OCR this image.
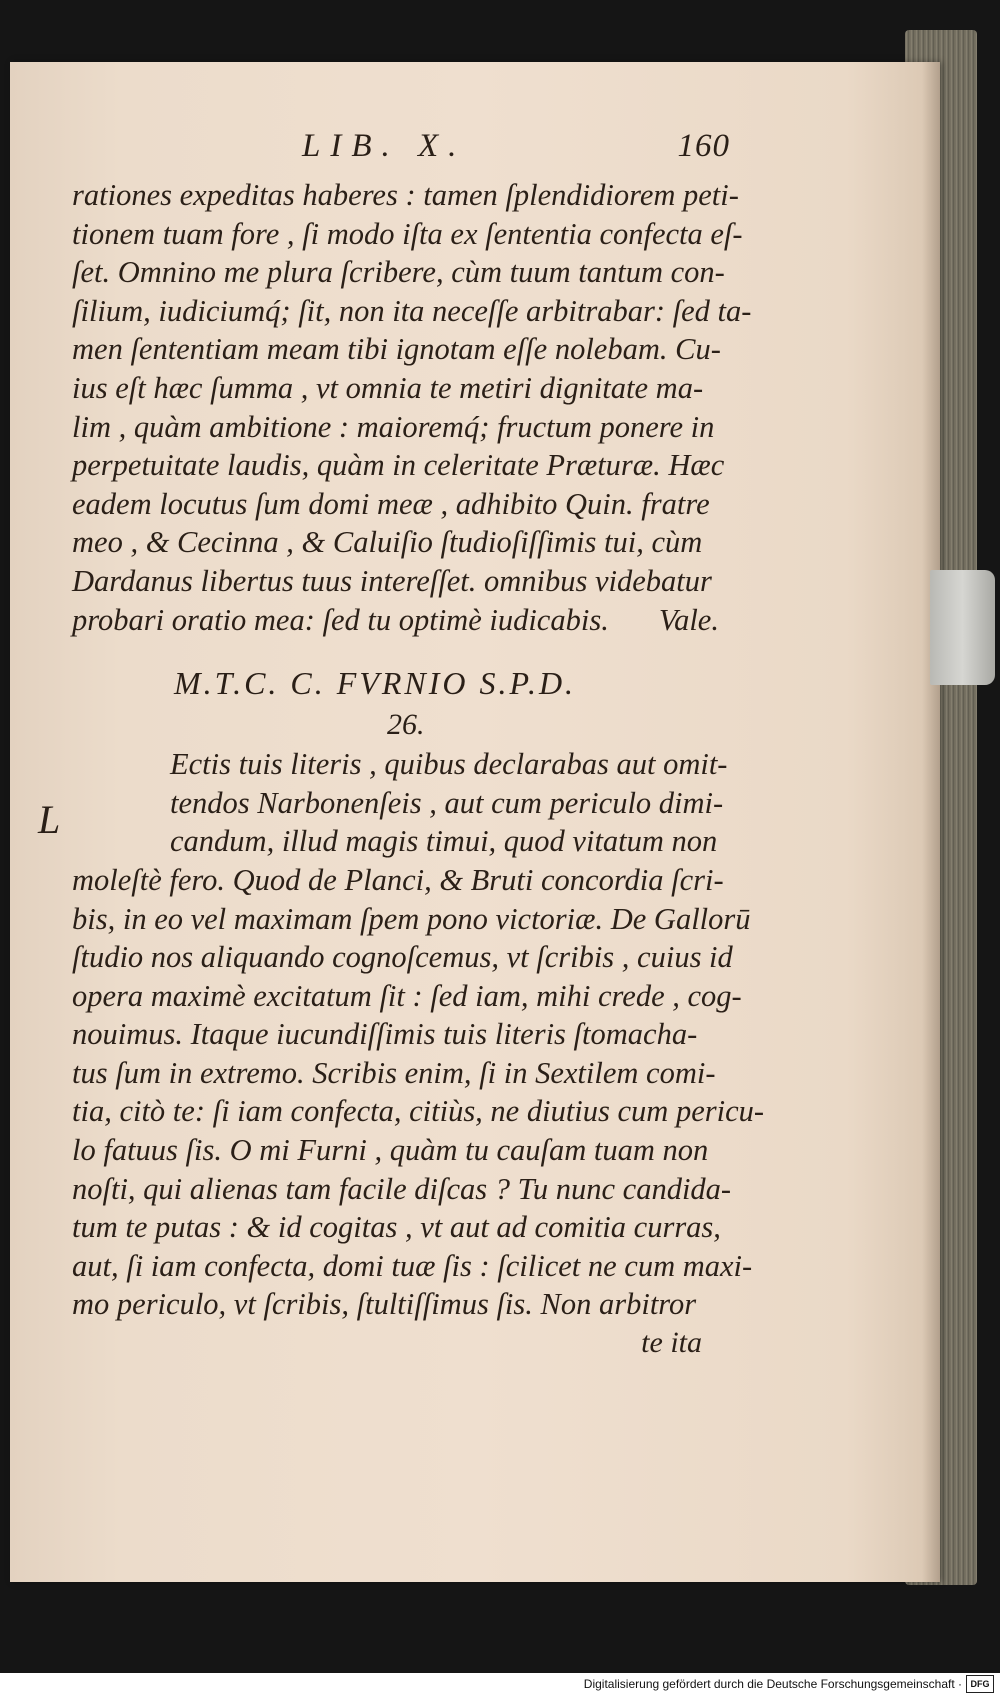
L
LIB. X.	160
rationes expeditas haberes : tamen ſplendidiorem peti-
tionem tuam fore , ſi modo iſta ex ſententia confecta eſ-
ſet. Omnino me plura ſcribere, cùm tuum tantum con-
ſilium, iudiciumq́; ſit, non ita neceſſe arbitrabar: ſed ta-
men ſententiam meam tibi ignotam eſſe nolebam. Cu-
ius eſt hæc ſumma , vt omnia te metiri dignitate ma-
lim , quàm ambitione : maioremq́; fructum ponere in
perpetuitate laudis, quàm in celeritate Præturæ. Hæc
eadem locutus ſum domi meæ , adhibito Quin. fratre
meo , & Cecinna , & Caluiſio ſtudioſiſſimis tui, cùm
Dardanus libertus tuus intereſſet. omnibus videbatur
probari oratio mea: ſed tu optimè iudicabis. Vale.
M.T.C. C. FVRNIO S.P.D.
26.
Ectis tuis literis , quibus declarabas aut omit-
tendos Narbonenſeis , aut cum periculo dimi-
candum, illud magis timui, quod vitatum non
moleſtè fero. Quod de Planci, & Bruti concordia ſcri-
bis, in eo vel maximam ſpem pono victoriæ. De Gallorū
ſtudio nos aliquando cognoſcemus, vt ſcribis , cuius id
opera maximè excitatum ſit : ſed iam, mihi crede , cog-
nouimus. Itaque iucundiſſimis tuis literis ſtomacha-
tus ſum in extremo. Scribis enim, ſi in Sextilem comi-
tia, citò te: ſi iam confecta, citiùs, ne diutius cum pericu-
lo fatuus ſis. O mi Furni , quàm tu cauſam tuam non
noſti, qui alienas tam facile diſcas ? Tu nunc candida-
tum te putas : & id cogitas , vt aut ad comitia curras,
aut, ſi iam confecta, domi tuæ ſis : ſcilicet ne cum maxi-
mo periculo, vt ſcribis, ſtultiſſimus ſis. Non arbitror
te ita
Digitalisierung gefördert durch die Deutsche Forschungsgemeinschaft · DFG
